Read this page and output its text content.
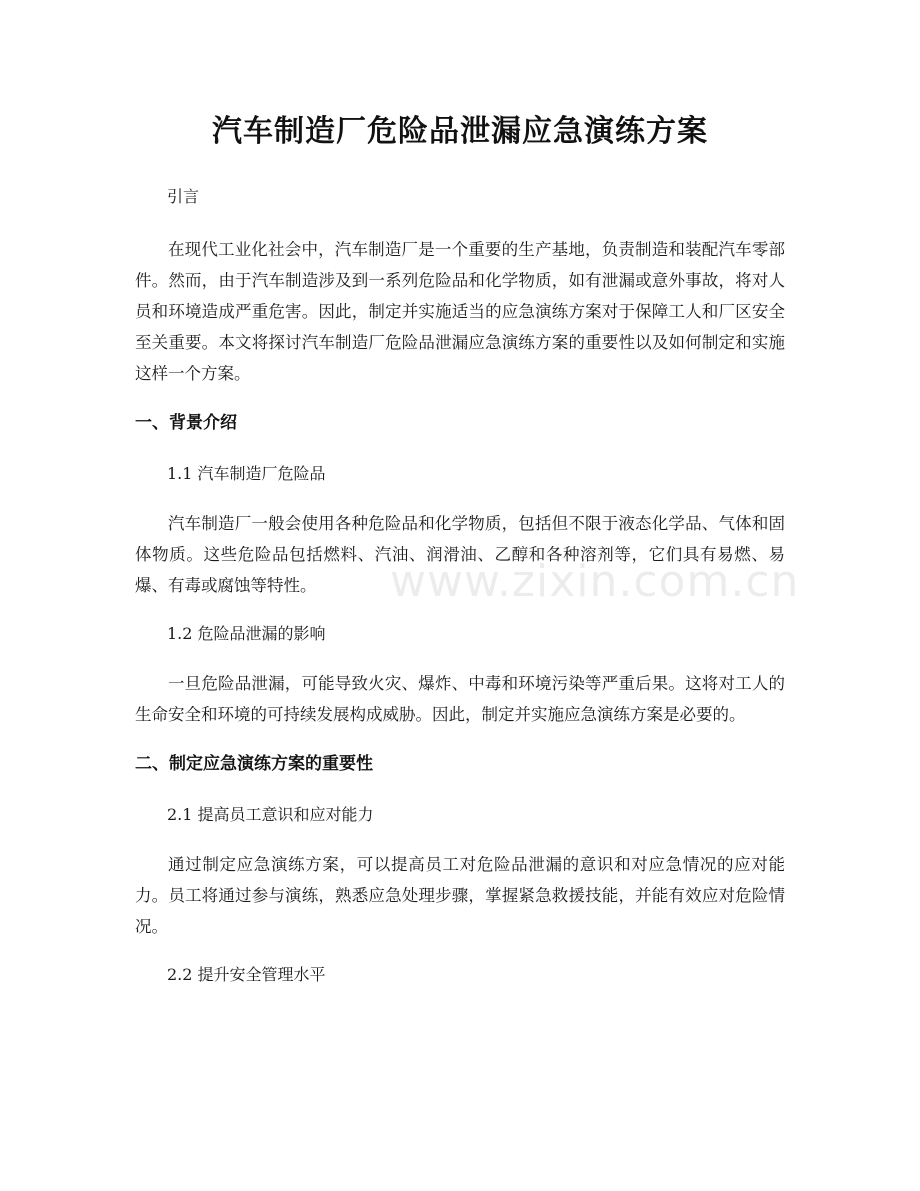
汽车制造厂危险品泄漏应急演练方案
引言

在现代工业化社会中，汽车制造厂是一个重要的生产基地，负责制造和装配汽车零部件。然而，由于汽车制造涉及到一系列危险品和化学物质，如有泄漏或意外事故，将对人员和环境造成严重危害。因此，制定并实施适当的应急演练方案对于保障工人和厂区安全至关重要。本文将探讨汽车制造厂危险品泄漏应急演练方案的重要性以及如何制定和实施这样一个方案。

一、背景介绍
1.1 汽车制造厂危险品

汽车制造厂一般会使用各种危险品和化学物质，包括但不限于液态化学品、气体和固体物质。这些危险品包括燃料、汽油、润滑油、乙醇和各种溶剂等，它们具有易燃、易爆、有毒或腐蚀等特性。

1.2 危险品泄漏的影响

一旦危险品泄漏，可能导致火灾、爆炸、中毒和环境污染等严重后果。这将对工人的生命安全和环境的可持续发展构成威胁。因此，制定并实施应急演练方案是必要的。

二、制定应急演练方案的重要性
2.1 提高员工意识和应对能力

通过制定应急演练方案，可以提高员工对危险品泄漏的意识和对应急情况的应对能力。员工将通过参与演练，熟悉应急处理步骤，掌握紧急救援技能，并能有效应对危险情况。

2.2 提升安全管理水平
www.zixin.com.cn
